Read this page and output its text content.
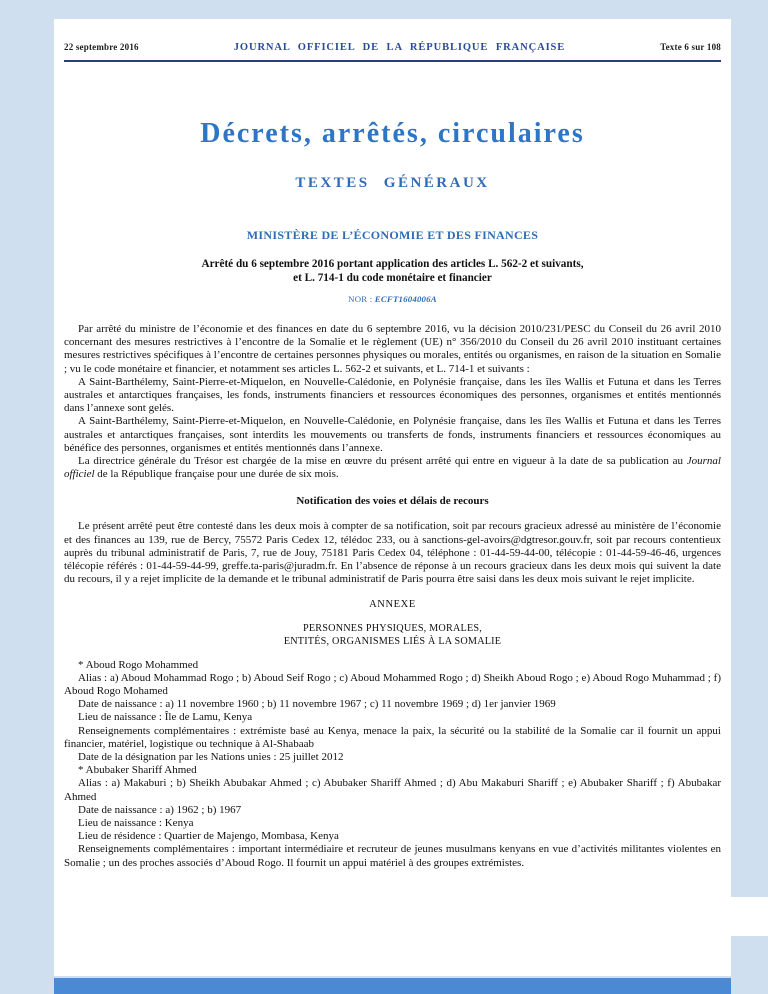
22 septembre 2016	JOURNAL OFFICIEL DE LA RÉPUBLIQUE FRANÇAISE	Texte 6 sur 108
Décrets, arrêtés, circulaires
TEXTES GÉNÉRAUX
MINISTÈRE DE L’ÉCONOMIE ET DES FINANCES

Arrêté du 6 septembre 2016 portant application des articles L. 562-2 et suivants,
et L. 714-1 du code monétaire et financier

NOR : ECFT1604006A

Par arrêté du ministre de l’économie et des finances en date du 6 septembre 2016, vu la décision 2010/231/PESC du Conseil du 26 avril 2010 concernant des mesures restrictives à l’encontre de la Somalie et le règlement (UE) n° 356/2010 du Conseil du 26 avril 2010 instituant certaines mesures restrictives spécifiques à l’encontre de certaines personnes physiques ou morales, entités ou organismes, en raison de la situation en Somalie ; vu le code monétaire et financier, et notamment ses articles L. 562-2 et suivants, et L. 714-1 et suivants :

A Saint-Barthélemy, Saint-Pierre-et-Miquelon, en Nouvelle-Calédonie, en Polynésie française, dans les îles Wallis et Futuna et dans les Terres australes et antarctiques françaises, les fonds, instruments financiers et ressources économiques des personnes, organismes et entités mentionnés dans l’annexe sont gelés.

A Saint-Barthélemy, Saint-Pierre-et-Miquelon, en Nouvelle-Calédonie, en Polynésie française, dans les îles Wallis et Futuna et dans les Terres australes et antarctiques françaises, sont interdits les mouvements ou transferts de fonds, instruments financiers et ressources économiques au bénéfice des personnes, organismes et entités mentionnés dans l’annexe.

La directrice générale du Trésor est chargée de la mise en œuvre du présent arrêté qui entre en vigueur à la date de sa publication au Journal officiel de la République française pour une durée de six mois.

Notification des voies et délais de recours

Le présent arrêté peut être contesté dans les deux mois à compter de sa notification, soit par recours gracieux adressé au ministère de l’économie et des finances au 139, rue de Bercy, 75572 Paris Cedex 12, télédoc 233, ou à sanctions-gel-avoirs@dgtresor.gouv.fr, soit par recours contentieux auprès du tribunal administratif de Paris, 7, rue de Jouy, 75181 Paris Cedex 04, téléphone : 01-44-59-44-00, télécopie : 01-44-59-46-46, urgences télécopie référés : 01-44-59-44-99, greffe.ta-paris@juradm.fr. En l’absence de réponse à un recours gracieux dans les deux mois qui suivent la date du recours, il y a rejet implicite de la demande et le tribunal administratif de Paris pourra être saisi dans les deux mois suivant le rejet implicite.

ANNEXE

PERSONNES PHYSIQUES, MORALES,
ENTITÉS, ORGANISMES LIÉS À LA SOMALIE

* Aboud Rogo Mohammed

Alias : a) Aboud Mohammad Rogo ; b) Aboud Seif Rogo ; c) Aboud Mohammed Rogo ; d) Sheikh Aboud Rogo ; e) Aboud Rogo Muhammad ; f) Aboud Rogo Mohamed

Date de naissance : a) 11 novembre 1960 ; b) 11 novembre 1967 ; c) 11 novembre 1969 ; d) 1er janvier 1969

Lieu de naissance : Île de Lamu, Kenya

Renseignements complémentaires : extrémiste basé au Kenya, menace la paix, la sécurité ou la stabilité de la Somalie car il fournit un appui financier, matériel, logistique ou technique à Al-Shabaab

Date de la désignation par les Nations unies : 25 juillet 2012

* Abubaker Shariff Ahmed

Alias : a) Makaburi ; b) Sheikh Abubakar Ahmed ; c) Abubaker Shariff Ahmed ; d) Abu Makaburi Shariff ; e) Abubaker Shariff ; f) Abubakar Ahmed

Date de naissance : a) 1962 ; b) 1967

Lieu de naissance : Kenya

Lieu de résidence : Quartier de Majengo, Mombasa, Kenya

Renseignements complémentaires : important intermédiaire et recruteur de jeunes musulmans kenyans en vue d’activités militantes violentes en Somalie ; un des proches associés d’Aboud Rogo. Il fournit un appui matériel à des groupes extrémistes.
